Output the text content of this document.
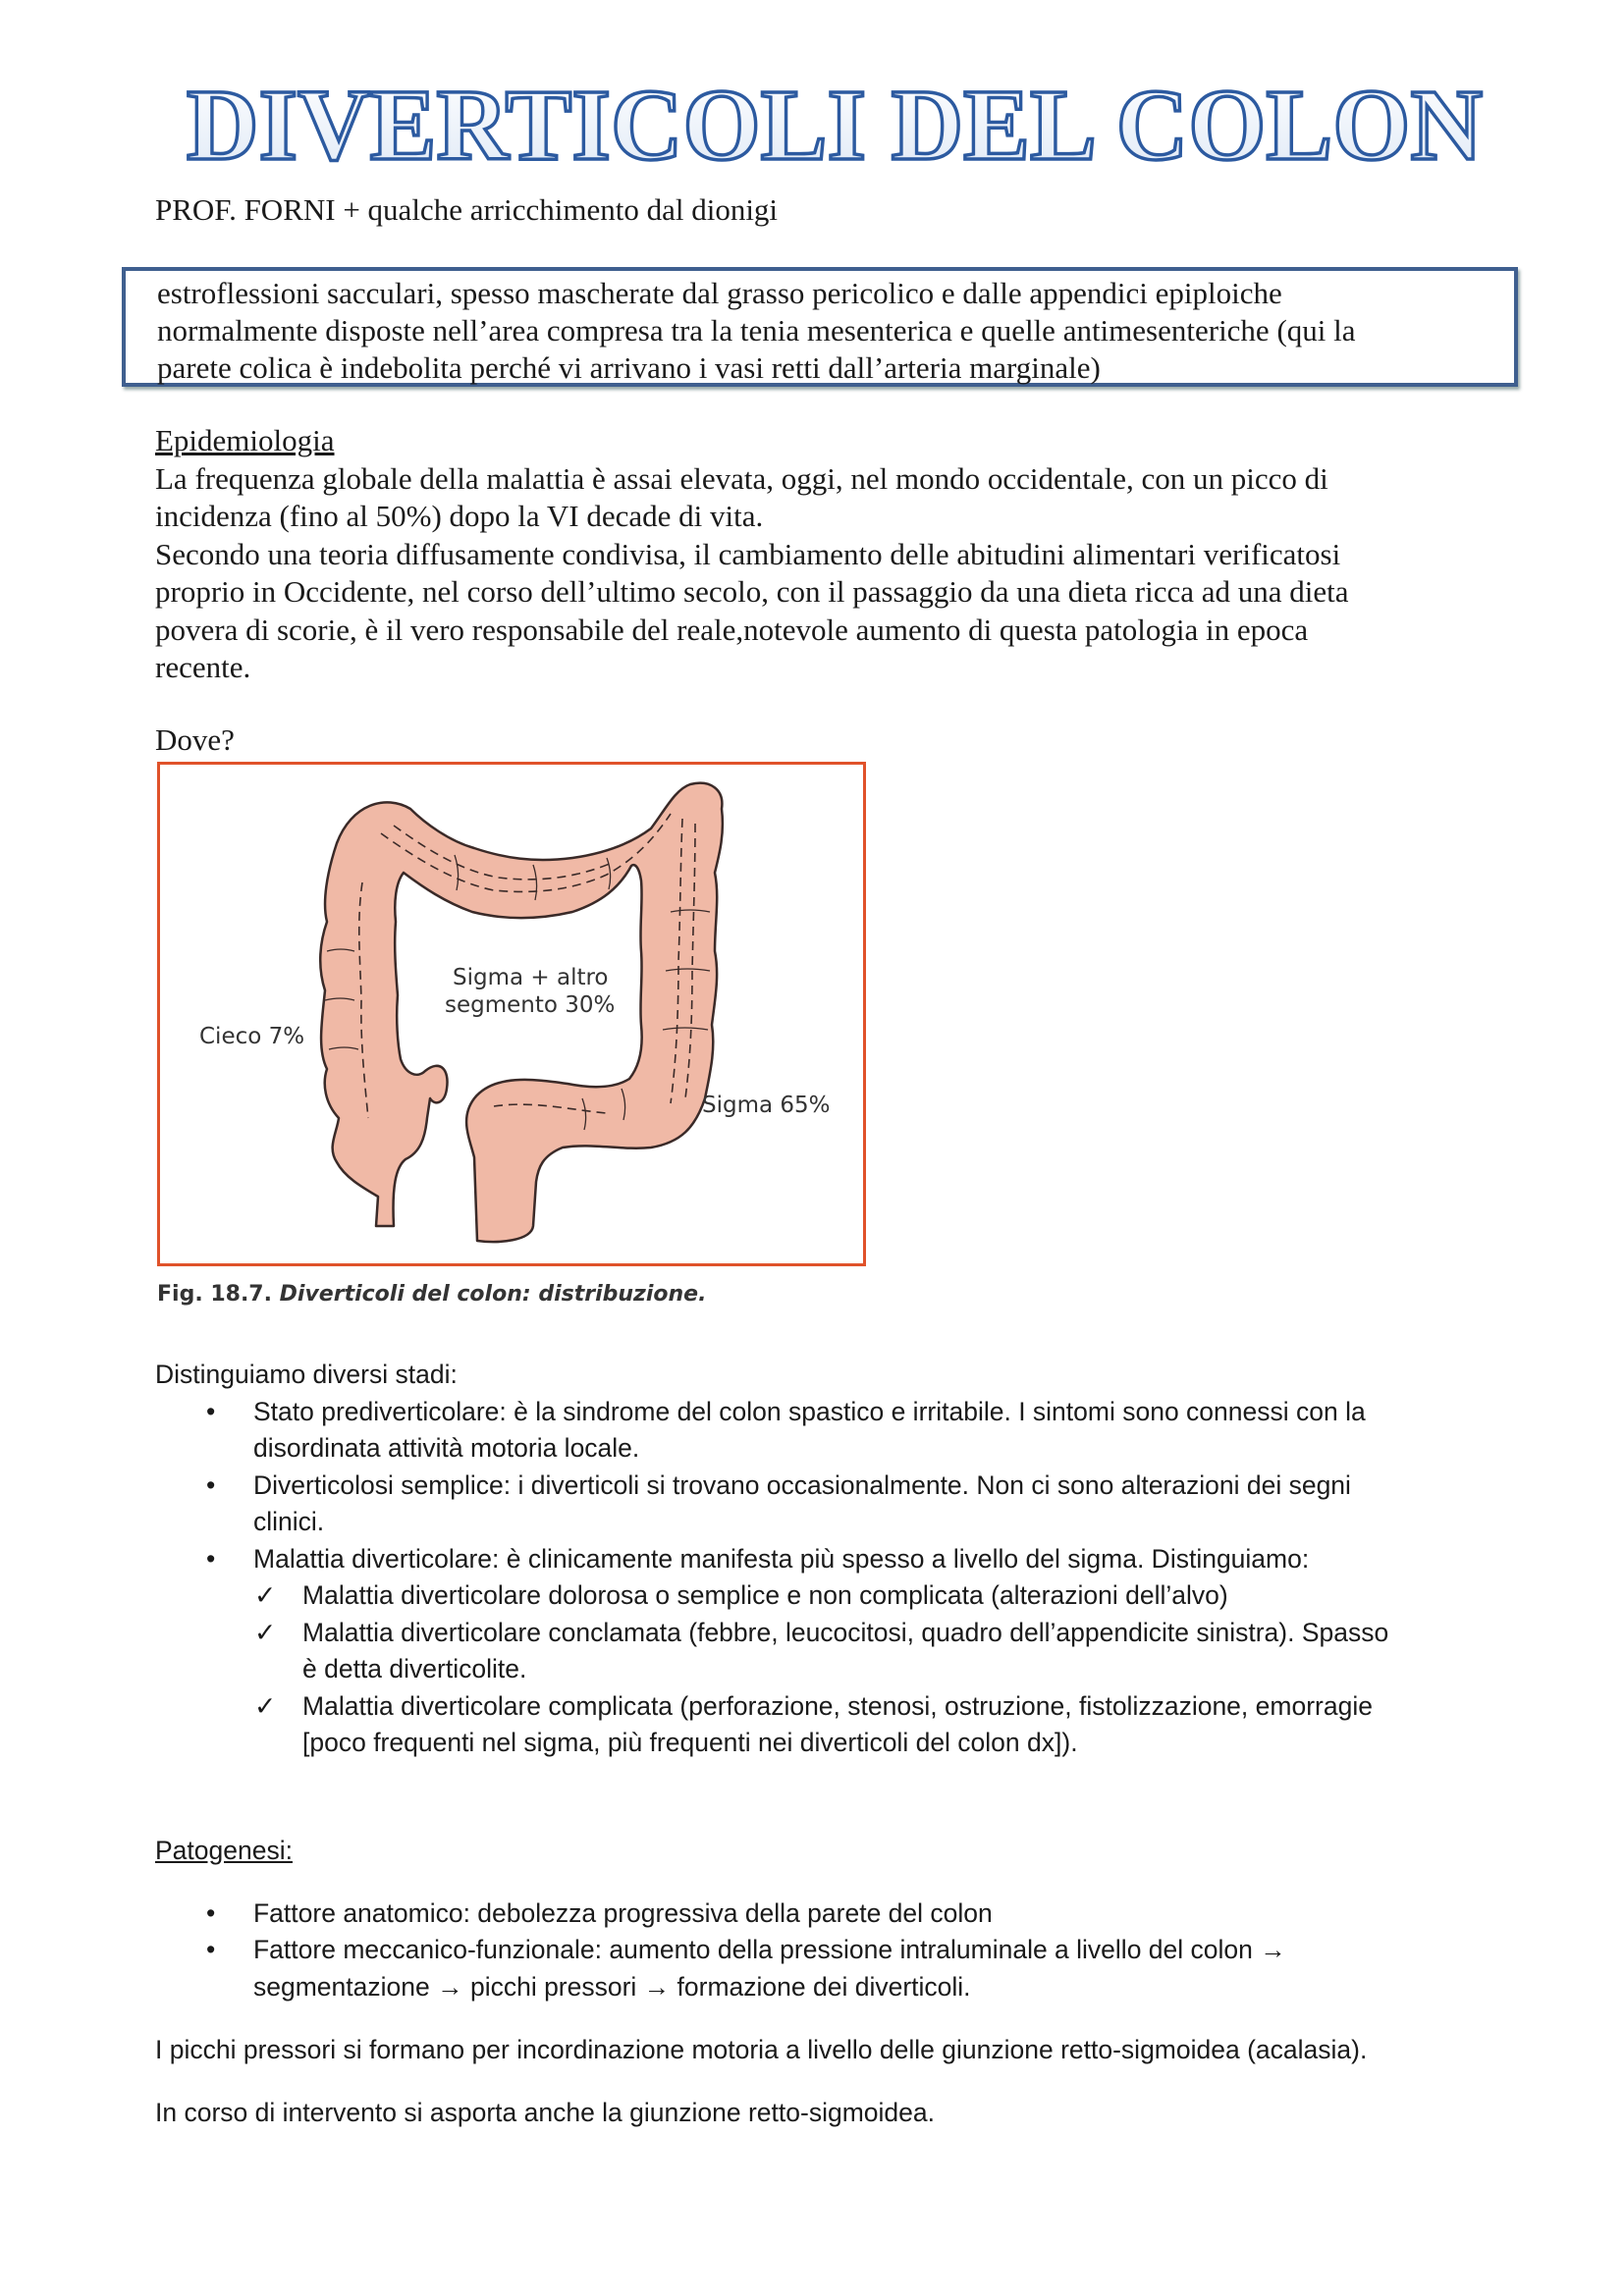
DIVERTICOLI DEL COLON
PROF. FORNI + qualche arricchimento dal dionigi

estroflessioni sacculari, spesso mascherate dal grasso pericolico e dalle appendici epiploiche

normalmente disposte nell’area compresa tra la tenia mesenterica e quelle antimesenteriche (qui la

parete colica è indebolita perché vi arrivano i vasi retti dall’arteria marginale)

Epidemiologia

La frequenza globale della malattia è assai elevata, oggi, nel mondo occidentale, con un picco di

incidenza (fino al 50%) dopo la VI decade di vita.

Secondo una teoria diffusamente condivisa, il cambiamento delle abitudini alimentari verificatosi

proprio in Occidente, nel corso dell’ultimo secolo, con il passaggio da una dieta ricca ad una dieta

povera di scorie, è il vero responsabile del reale,notevole aumento di questa patologia in epoca

recente.

Dove?
Cieco 7%
Sigma + altro
segmento 30%
Sigma 65%
Fig. 18.7. Diverticoli del colon: distribuzione.

Distinguiamo diversi stadi:

• Stato prediverticolare: è la sindrome del colon spastico e irritabile. I sintomi sono connessi con la
disordinata attività motoria locale.
• Diverticolosi semplice: i diverticoli si trovano occasionalmente. Non ci sono alterazioni dei segni
clinici.
• Malattia diverticolare: è clinicamente manifesta più spesso a livello del sigma. Distinguiamo:
✓ Malattia diverticolare dolorosa o semplice e non complicata (alterazioni dell’alvo)
✓ Malattia diverticolare conclamata (febbre, leucocitosi, quadro dell’appendicite sinistra). Spasso
è detta diverticolite.
✓ Malattia diverticolare complicata (perforazione, stenosi, ostruzione, fistolizzazione, emorragie
[poco frequenti nel sigma, più frequenti nei diverticoli del colon dx]).

Patogenesi:

• Fattore anatomico: debolezza progressiva della parete del colon
• Fattore meccanico-funzionale: aumento della pressione intraluminale a livello del colon →
segmentazione → picchi pressori → formazione dei diverticoli.

I picchi pressori si formano per incordinazione motoria a livello delle giunzione retto-sigmoidea (acalasia).

In corso di intervento si asporta anche la giunzione retto-sigmoidea.
